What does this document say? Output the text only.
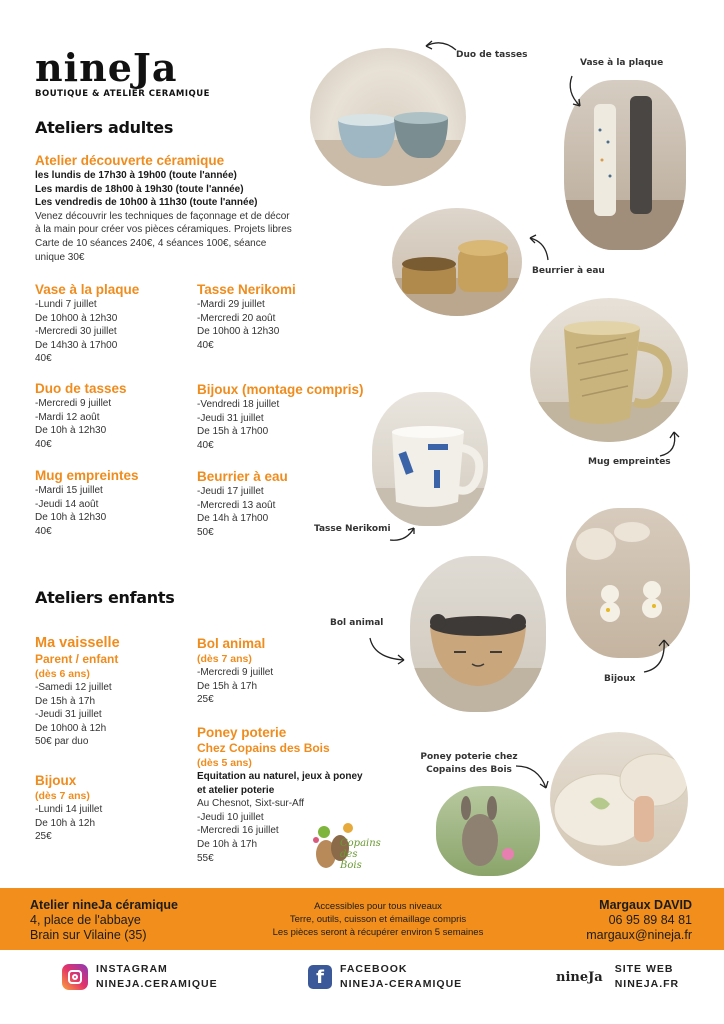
nineJa
BOUTIQUE & ATELIER CERAMIQUE
Ateliers adultes
Atelier découverte céramique
les lundis de 17h30 à 19h00 (toute l'année)
Les mardis de 18h00 à 19h30 (toute l'année)
Les vendredis de 10h00 à 11h30 (toute l'année)
Venez découvrir les techniques de façonnage et de décor
à la main pour créer vos pièces céramiques. Projets libres
Carte de 10 séances 240€, 4 séances 100€, séance
unique 30€
Vase à la plaque
-Lundi 7 juillet
De 10h00 à 12h30
-Mercredi 30 juillet
De 14h30 à 17h00
40€
Tasse Nerikomi
-Mardi 29 juillet
-Mercredi 20 août
De 10h00 à 12h30
40€
Duo de tasses
-Mercredi 9 juillet
-Mardi 12 août
De 10h à 12h30
40€
Bijoux (montage compris)
-Vendredi 18 juillet
-Jeudi 31 juillet
De 15h à 17h00
40€
Mug empreintes
-Mardi 15 juillet
-Jeudi 14 août
De 10h à 12h30
40€
Beurrier à eau
-Jeudi 17 juillet
-Mercredi 13 août
De 14h à 17h00
50€
Ateliers enfants
Ma vaisselle
Parent / enfant
(dès 6 ans)
-Samedi 12 juillet
De 15h à 17h
-Jeudi 31 juillet
De 10h00 à 12h
50€ par duo
Bijoux
(dès 7 ans)
-Lundi 14 juillet
De 10h à 12h
25€
Bol animal
(dès 7 ans)
-Mercredi 9 juillet
De 15h à 17h
25€
Poney poterie
Chez Copains des Bois
(dès 5 ans)
Equitation au naturel, jeux à poney
et atelier poterie
Au Chesnot, Sixt-sur-Aff
-Jeudi 10 juillet
-Mercredi 16 juillet
De 10h à 17h
55€
Copains des Bois
Duo de tasses
Vase à la plaque
Beurrier à eau
Mug empreintes
Tasse Nerikomi
Bol animal
Bijoux
Poney poterie chez
Copains des Bois
Atelier nineJa céramique
4, place de l'abbaye
Brain sur Vilaine (35)
Accessibles pour tous niveaux
Terre, outils, cuisson et émaillage compris
Les pièces seront à récupérer environ 5 semaines
Margaux DAVID
06 95 89 84 81
margaux@nineja.fr
INSTAGRAM
NINEJA.CERAMIQUE	f	FACEBOOK
NINEJA-CERAMIQUE	nineJa
SITE WEB
NINEJA.FR
